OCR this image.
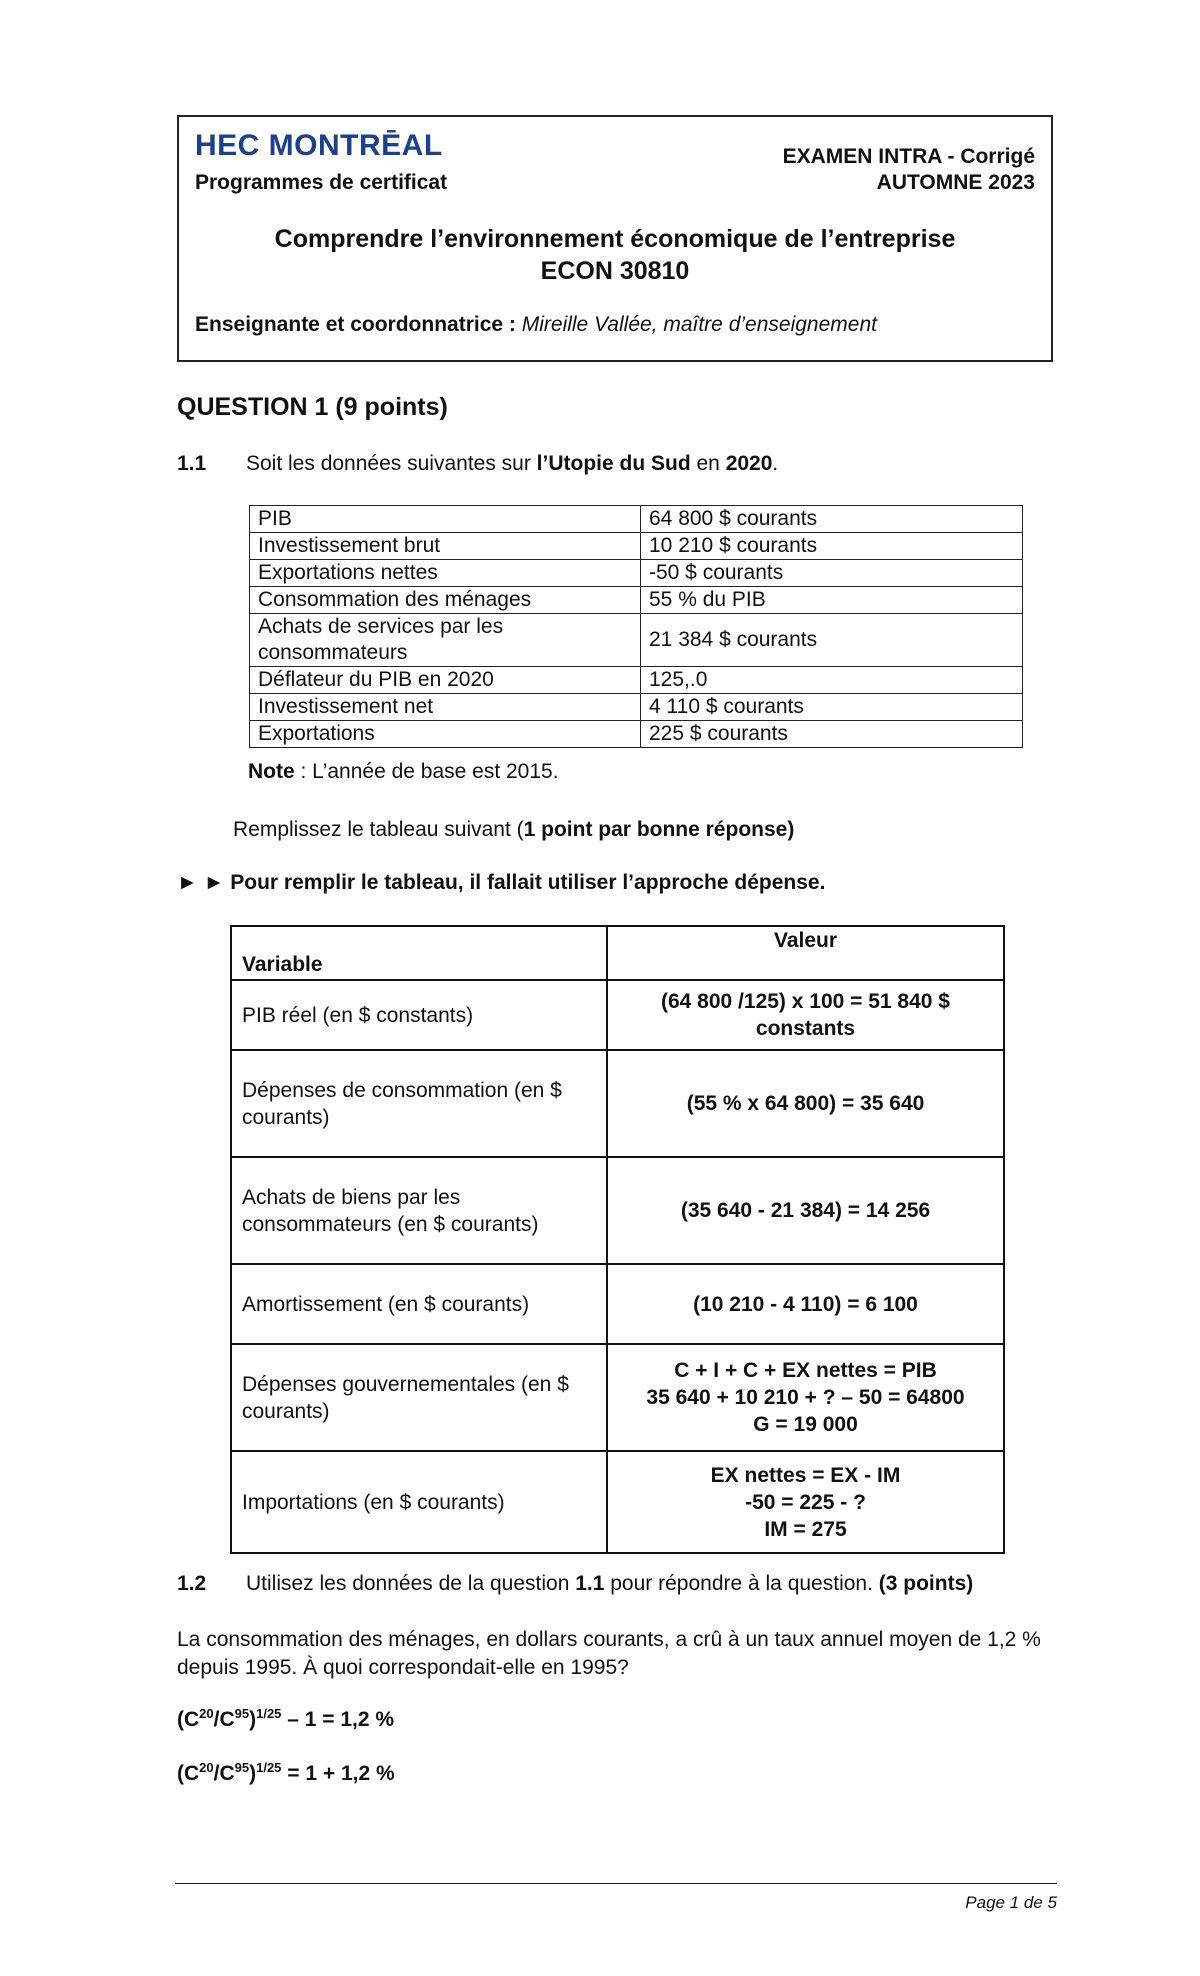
HEC MONTRĒAL
Programmes de certificat
EXAMEN INTRA - Corrigé
AUTOMNE 2023
Comprendre l’environnement économique de l’entreprise
ECON 30810
Enseignante et coordonnatrice : Mireille Vallée, maître d’enseignement
QUESTION 1 (9 points)
1.1 Soit les données suivantes sur l’Utopie du Sud en 2020.
PIB	64 800 $ courants
Investissement brut	10 210 $ courants
Exportations nettes	-50 $ courants
Consommation des ménages	55 % du PIB
Achats de services par les consommateurs	21 384 $ courants
Déflateur du PIB en 2020	125,.0
Investissement net	4 110 $ courants
Exportations	225 $ courants
Note : L’année de base est 2015.
Remplissez le tableau suivant (1 point par bonne réponse)
► ► Pour remplir le tableau, il fallait utiliser l’approche dépense.
Variable	Valeur
PIB réel (en $ constants)	(64 800 /125) x 100 = 51 840 $
constants

Dépenses de consommation (en $ courants)	(55 % x 64 800) = 35 640

Achats de biens par les consommateurs (en $ courants)	(35 640 - 21 384) = 14 256

Amortissement (en $ courants)	(10 210 - 4 110) = 6 100

Dépenses gouvernementales (en $ courants)	C + I + C + EX nettes = PIB
35 640 + 10 210 + ? – 50 = 64800
G = 19 000

Importations (en $ courants)	EX nettes = EX - IM
-50 = 225 - ?
IM = 275
1.2 Utilisez les données de la question 1.1 pour répondre à la question. (3 points)
La consommation des ménages, en dollars courants, a crû à un taux annuel moyen de 1,2 % depuis 1995. À quoi correspondait-elle en 1995?
$(C^{20}/C^{95})^{1/25} - 1 = 1,2$ %
$(C^{20}/C^{95})^{1/25} = 1 + 1,2$ %
Page 1 de 5
